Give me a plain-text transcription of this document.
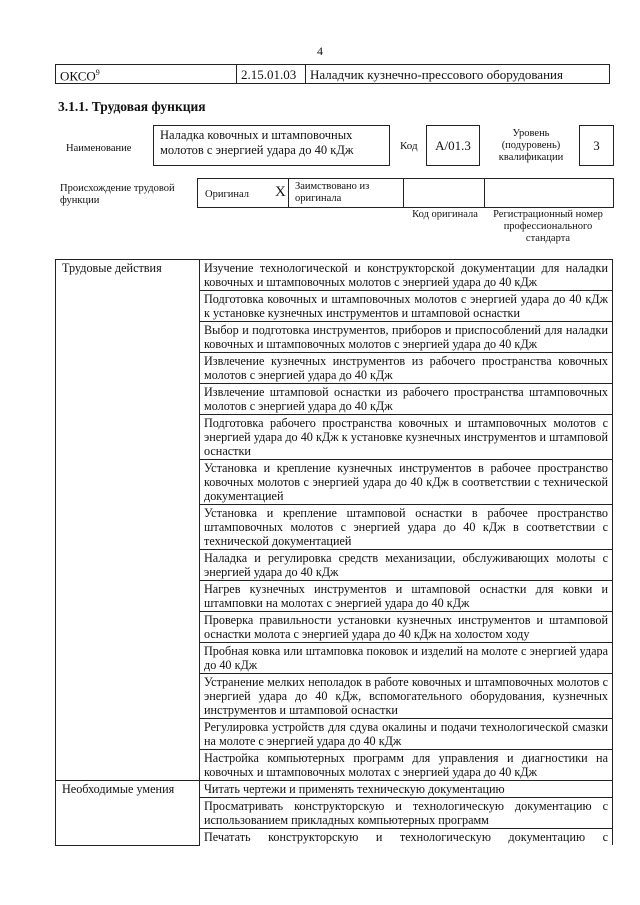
4
ОКСО$^9$	2.15.01.03	Наладчик кузнечно-прессового оборудования
3.1.1. Трудовая функция
Наименование
Наладка ковочных и штамповочных молотов с энергией удара до 40 кДж	Код	А/01.3
Уровень (подуровень) квалификации
3
Происхождение трудовой функции
Оригинал X Заимствовано из оригинала
Код оригинала	Регистрационный номер профессионального стандарта
Трудовые действия	Изучение технологической и конструкторской документации для наладки ковочных и штамповочных молотов с энергией удара до 40 кДж
	Подготовка ковочных и штамповочных молотов с энергией удара до 40 кДж к установке кузнечных инструментов и штамповой оснастки
	Выбор и подготовка инструментов, приборов и приспособлений для наладки ковочных и штамповочных молотов с энергией удара до 40 кДж
	Извлечение кузнечных инструментов из рабочего пространства ковочных молотов с энергией удара до 40 кДж
	Извлечение штамповой оснастки из рабочего пространства штамповочных молотов с энергией удара до 40 кДж
	Подготовка рабочего пространства ковочных и штамповочных молотов с энергией удара до 40 кДж к установке кузнечных инструментов и штамповой оснастки
	Установка и крепление кузнечных инструментов в рабочее пространство ковочных молотов с энергией удара до 40 кДж в соответствии с технической документацией
	Установка и крепление штамповой оснастки в рабочее пространство штамповочных молотов с энергией удара до 40 кДж в соответствии с технической документацией
	Наладка и регулировка средств механизации, обслуживающих молоты с энергией удара до 40 кДж
	Нагрев кузнечных инструментов и штамповой оснастки для ковки и штамповки на молотах с энергией удара до 40 кДж
	Проверка правильности установки кузнечных инструментов и штамповой оснастки молота с энергией удара до 40 кДж на холостом ходу
	Пробная ковка или штамповка поковок и изделий на молоте с энергией удара до 40 кДж
	Устранение мелких неполадок в работе ковочных и штамповочных молотов с энергией удара до 40 кДж, вспомогательного оборудования, кузнечных инструментов и штамповой оснастки
	Регулировка устройств для сдува окалины и подачи технологической смазки на молоте с энергией удара до 40 кДж
	Настройка компьютерных программ для управления и диагностики на ковочных и штамповочных молотах с энергией удара до 40 кДж
Необходимые умения	Читать чертежи и применять техническую документацию
	Просматривать конструкторскую и технологическую документацию с использованием прикладных компьютерных программ
	Печатать конструкторскую и технологическую документацию с
